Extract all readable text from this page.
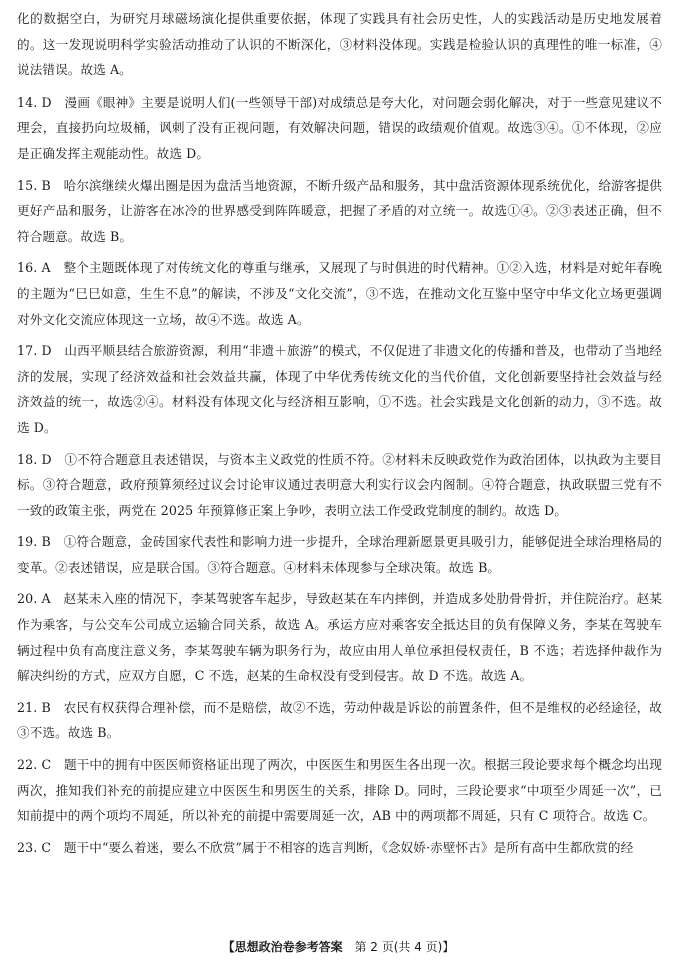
化的数据空白，为研究月球磁场演化提供重要依据，体现了实践具有社会历史性，人的实践活动是历史地发展着的。这一发现说明科学实验活动推动了认识的不断深化，③材料没体现。实践是检验认识的真理性的唯一标准，④说法错误。故选 A。

14. D　漫画《眼神》主要是说明人们(一些领导干部)对成绩总是夸大化，对问题会弱化解决，对于一些意见建议不理会，直接扔向垃圾桶，讽刺了没有正视问题，有效解决问题，错误的政绩观价值观。故选③④。①不体现，②应是正确发挥主观能动性。故选 D。

15. B　哈尔滨继续火爆出圈是因为盘活当地资源，不断升级产品和服务，其中盘活资源体现系统优化，给游客提供更好产品和服务，让游客在冰冷的世界感受到阵阵暖意，把握了矛盾的对立统一。故选①④。②③表述正确，但不符合题意。故选 B。

16. A　整个主题既体现了对传统文化的尊重与继承，又展现了与时俱进的时代精神。①②入选，材料是对蛇年春晚的主题为“巳巳如意，生生不息”的解读，不涉及“文化交流”，③不选，在推动文化互鉴中坚守中华文化立场更强调对外文化交流应体现这一立场，故④不选。故选 A。

17. D　山西平顺县结合旅游资源，利用“非遗＋旅游”的模式，不仅促进了非遗文化的传播和普及，也带动了当地经济的发展，实现了经济效益和社会效益共赢，体现了中华优秀传统文化的当代价值，文化创新要坚持社会效益与经济效益的统一，故选②④。材料没有体现文化与经济相互影响，①不选。社会实践是文化创新的动力，③不选。故选 D。

18. D　①不符合题意且表述错误，与资本主义政党的性质不符。②材料未反映政党作为政治团体，以执政为主要目标。③符合题意，政府预算须经过议会讨论审议通过表明意大利实行议会内阁制。④符合题意，执政联盟三党有不一致的政策主张，两党在 2025 年预算修正案上争吵，表明立法工作受政党制度的制约。故选 D。

19. B　①符合题意，金砖国家代表性和影响力进一步提升，全球治理新愿景更具吸引力，能够促进全球治理格局的变革。②表述错误，应是联合国。③符合题意。④材料未体现参与全球决策。故选 B。

20. A　赵某未入座的情况下，李某驾驶客车起步，导致赵某在车内摔倒，并造成多处肋骨骨折，并住院治疗。赵某作为乘客，与公交车公司成立运输合同关系，故选 A。承运方应对乘客安全抵达目的负有保障义务，李某在驾驶车辆过程中负有高度注意义务，李某驾驶车辆为职务行为，故应由用人单位承担侵权责任，B 不选；若选择仲裁作为解决纠纷的方式，应双方自愿，C 不选，赵某的生命权没有受到侵害。故 D 不选。故选 A。

21. B　农民有权获得合理补偿，而不是赔偿，故②不选，劳动仲裁是诉讼的前置条件，但不是维权的必经途径，故③不选。故选 B。

22. C　题干中的拥有中医医师资格证出现了两次，中医医生和男医生各出现一次。根据三段论要求每个概念均出现两次，推知我们补充的前提应建立中医医生和男医生的关系，排除 D。同时，三段论要求“中项至少周延一次”，已知前提中的两个项均不周延，所以补充的前提中需要周延一次，AB 中的两项都不周延，只有 C 项符合。故选 C。

23. C　题干中“要么着迷，要么不欣赏”属于不相容的选言判断，《念奴娇·赤壁怀古》是所有高中生都欣赏的经

【思想政治卷参考答案 第 2 页(共 4 页)】
